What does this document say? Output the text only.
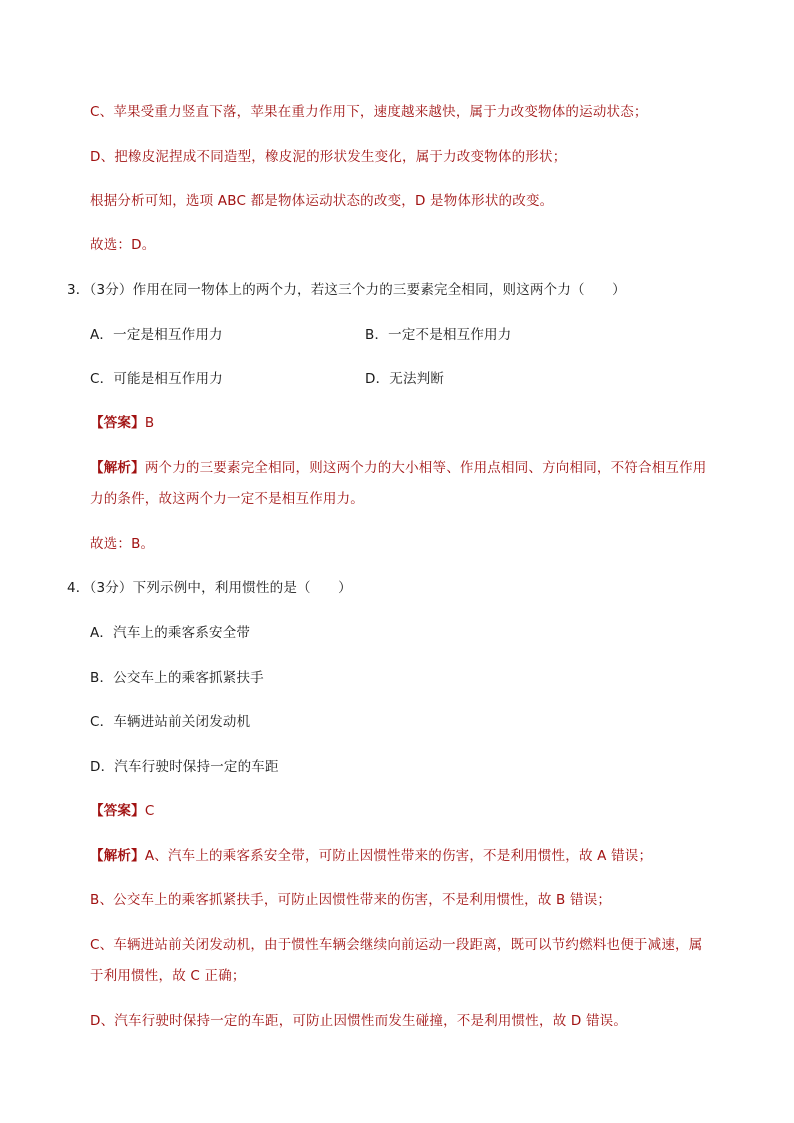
C、苹果受重力竖直下落，苹果在重力作用下，速度越来越快，属于力改变物体的运动状态；
D、把橡皮泥捏成不同造型，橡皮泥的形状发生变化，属于力改变物体的形状；
根据分析可知，选项 ABC 都是物体运动状态的改变，D 是物体形状的改变。
故选：D。
3．（3分）作用在同一物体上的两个力，若这三个力的三要素完全相同，则这两个力（　　）
A．一定是相互作用力	B．一定不是相互作用力
C．可能是相互作用力	D．无法判断
【答案】B
【解析】两个力的三要素完全相同，则这两个力的大小相等、作用点相同、方向相同，不符合相互作用
力的条件，故这两个力一定不是相互作用力。
故选：B。
4．（3分）下列示例中，利用惯性的是（　　）
A．汽车上的乘客系安全带
B．公交车上的乘客抓紧扶手
C．车辆进站前关闭发动机
D．汽车行驶时保持一定的车距
【答案】C
【解析】A、汽车上的乘客系安全带，可防止因惯性带来的伤害，不是利用惯性，故 A 错误；
B、公交车上的乘客抓紧扶手，可防止因惯性带来的伤害，不是利用惯性，故 B 错误；
C、车辆进站前关闭发动机，由于惯性车辆会继续向前运动一段距离，既可以节约燃料也便于减速，属
于利用惯性，故 C 正确；
D、汽车行驶时保持一定的车距，可防止因惯性而发生碰撞，不是利用惯性，故 D 错误。
